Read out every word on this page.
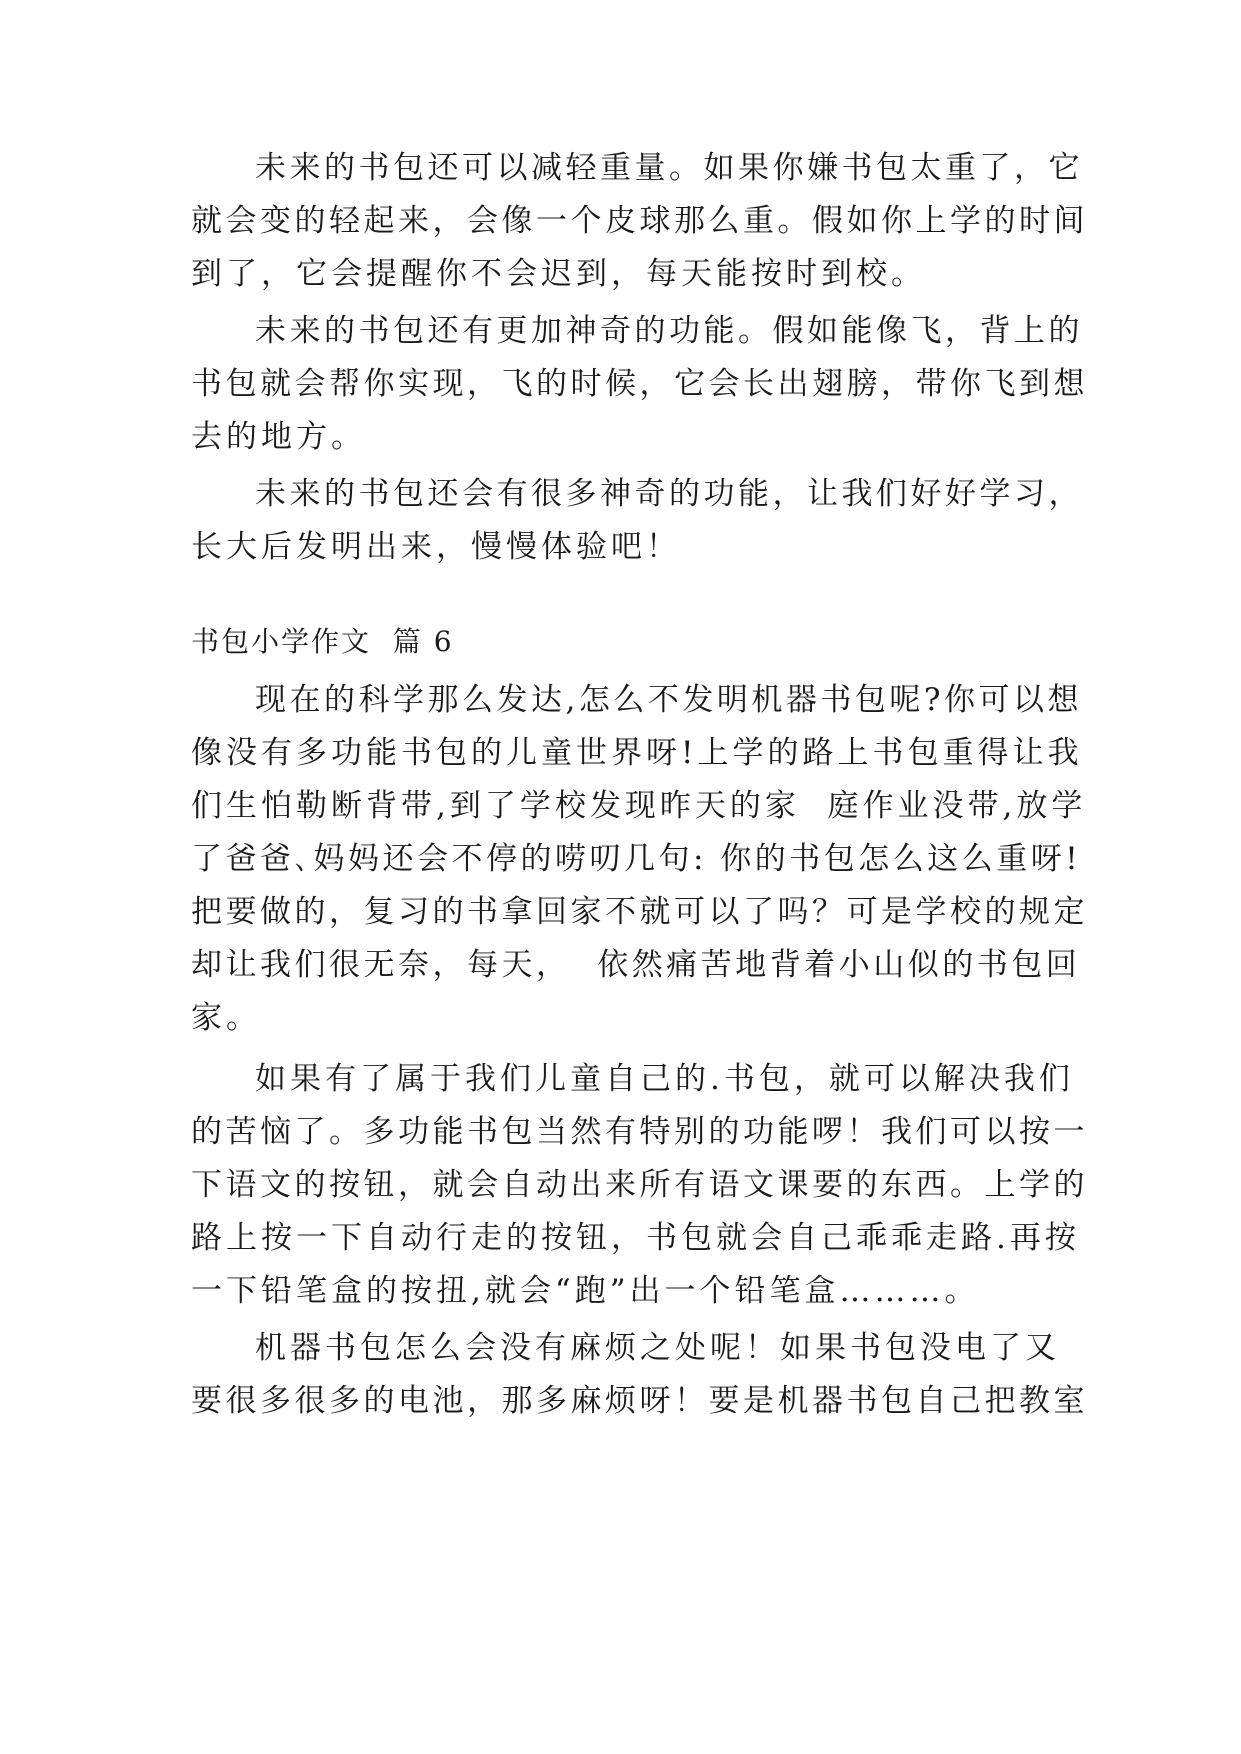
未来的书包还可以减轻重量。如果你嫌书包太重了，它
就会变的轻起来，会像一个皮球那么重。假如你上学的时间
到了，它会提醒你不会迟到，每天能按时到校。
未来的书包还有更加神奇的功能。假如能像飞，背上的
书包就会帮你实现，飞的时候，它会长出翅膀，带你飞到想
去的地方。
未来的书包还会有很多神奇的功能，让我们好好学习，
长大后发明出来，慢慢体验吧！
书包小学作文  篇 6
现在的科学那么发达,怎么不发明机器书包呢?你可以想
像没有多功能书包的儿童世界呀!上学的路上书包重得让我
们生怕勒断背带,到了学校发现昨天的家  庭作业没带,放学
了爸爸､妈妈还会不停的唠叨几句: 你的书包怎么这么重呀!
把要做的，复习的书拿回家不就可以了吗？可是学校的规定
却让我们很无奈，每天，  依然痛苦地背着小山似的书包回
家。
如果有了属于我们儿童自己的.书包，就可以解决我们
的苦恼了。多功能书包当然有特别的功能啰！我们可以按一
下语文的按钮，就会自动出来所有语文课要的东西。上学的
路上按一下自动行走的按钮，书包就会自己乖乖走路.再按
一下铅笔盒的按扭,就会“跑”出一个铅笔盒………。
机器书包怎么会没有麻烦之处呢！如果书包没电了又
要很多很多的电池，那多麻烦呀！要是机器书包自己把教室
